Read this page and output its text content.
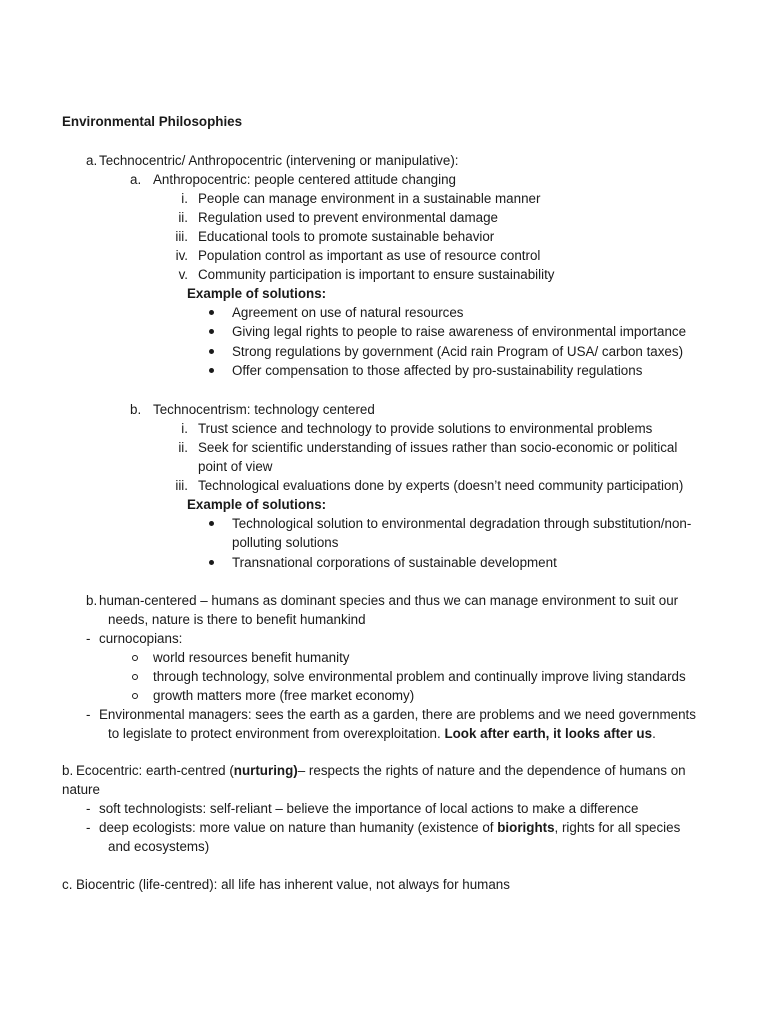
Environmental Philosophies
a. Technocentric/ Anthropocentric (intervening or manipulative):
a. Anthropocentric: people centered attitude changing
i. People can manage environment in a sustainable manner
ii. Regulation used to prevent environmental damage
iii. Educational tools to promote sustainable behavior
iv. Population control as important as use of resource control
v. Community participation is important to ensure sustainability
Example of solutions:
Agreement on use of natural resources
Giving legal rights to people to raise awareness of environmental importance
Strong regulations by government (Acid rain Program of USA/ carbon taxes)
Offer compensation to those affected by pro-sustainability regulations
b. Technocentrism: technology centered
i. Trust science and technology to provide solutions to environmental problems
ii. Seek for scientific understanding of issues rather than socio-economic or political
point of view
iii. Technological evaluations done by experts (doesn’t need community participation)
Example of solutions:
Technological solution to environmental degradation through substitution/non-
polluting solutions
Transnational corporations of sustainable development
b. human-centered – humans as dominant species and thus we can manage environment to suit our
needs, nature is there to benefit humankind
- curnocopians:
world resources benefit humanity
through technology, solve environmental problem and continually improve living standards
growth matters more (free market economy)
- Environmental managers: sees the earth as a garden, there are problems and we need governments
to legislate to protect environment from overexploitation. Look after earth, it looks after us.
b. Ecocentric: earth-centred (nurturing)– respects the rights of nature and the dependence of humans on
nature
- soft technologists: self-reliant – believe the importance of local actions to make a difference
- deep ecologists: more value on nature than humanity (existence of biorights, rights for all species
and ecosystems)
c. Biocentric (life-centred): all life has inherent value, not always for humans
